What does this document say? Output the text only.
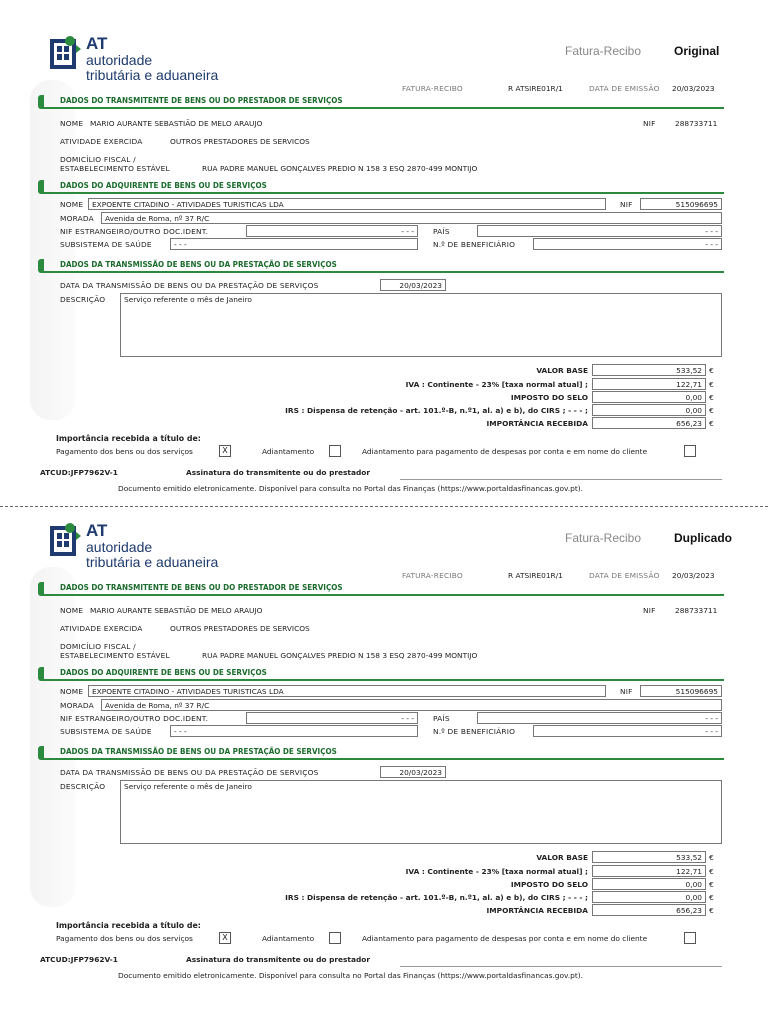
AT
autoridade
tributária e aduaneira
Fatura-Recibo	Original
FATURA-RECIBO	R ATSIRE01R/1	DATA DE EMISSÃO 20/03/2023
DADOS DO TRANSMITENTE DE BENS OU DO PRESTADOR DE SERVIÇOS
NOME MARIO AURANTE SEBASTIÃO DE MELO ARAUJO	NIF	288733711
ATIVIDADE EXERCIDA	OUTROS PRESTADORES DE SERVICOS
DOMICÍLIO FISCAL /
ESTABELECIMENTO ESTÁVEL	RUA PADRE MANUEL GONÇALVES PREDIO N 158 3 ESQ 2870-499 MONTIJO
DADOS DO ADQUIRENTE DE BENS OU DE SERVIÇOS
NOME	EXPOENTE CITADINO - ATIVIDADES TURISTICAS LDA	NIF	515096695
MORADA	Avenida de Roma, nº 37 R/C
NIF ESTRANGEIRO/OUTRO DOC.IDENT.	- - -	PAÍS	- - -
SUBSISTEMA DE SAÚDE	- - -	N.º DE BENEFICIÁRIO	- - -
DADOS DA TRANSMISSÃO DE BENS OU DA PRESTAÇÃO DE SERVIÇOS
DATA DA TRANSMISSÃO DE BENS OU DA PRESTAÇÃO DE SERVIÇOS	20/03/2023
DESCRIÇÃO	Serviço referente o mês de Janeiro
VALOR BASE	533,52 €
IVA : Continente - 23% [taxa normal atual] ;	122,71 €
IMPOSTO DO SELO	0,00 €
IRS : Dispensa de retenção - art. 101.º-B, n.º1, al. a) e b), do CIRS ; - - - ;	0,00 €
IMPORTÂNCIA RECEBIDA	656,23 €
Importância recebida a título de:
Pagamento dos bens ou dos serviços	X	Adiantamento	Adiantamento para pagamento de despesas por conta e em nome do cliente
ATCUD:JFP7962V-1	Assinatura do transmitente ou do prestador
Documento emitido eletronicamente. Disponível para consulta no Portal das Finanças (https://www.portaldasfinancas.gov.pt).
AT
autoridade
tributária e aduaneira
Fatura-Recibo	Duplicado
FATURA-RECIBO	R ATSIRE01R/1	DATA DE EMISSÃO 20/03/2023
DADOS DO TRANSMITENTE DE BENS OU DO PRESTADOR DE SERVIÇOS
NOME MARIO AURANTE SEBASTIÃO DE MELO ARAUJO	NIF	288733711
ATIVIDADE EXERCIDA	OUTROS PRESTADORES DE SERVICOS
DOMICÍLIO FISCAL /
ESTABELECIMENTO ESTÁVEL	RUA PADRE MANUEL GONÇALVES PREDIO N 158 3 ESQ 2870-499 MONTIJO
DADOS DO ADQUIRENTE DE BENS OU DE SERVIÇOS
NOME	EXPOENTE CITADINO - ATIVIDADES TURISTICAS LDA	NIF	515096695
MORADA	Avenida de Roma, nº 37 R/C
NIF ESTRANGEIRO/OUTRO DOC.IDENT.	- - -	PAÍS	- - -
SUBSISTEMA DE SAÚDE	- - -	N.º DE BENEFICIÁRIO	- - -
DADOS DA TRANSMISSÃO DE BENS OU DA PRESTAÇÃO DE SERVIÇOS
DATA DA TRANSMISSÃO DE BENS OU DA PRESTAÇÃO DE SERVIÇOS	20/03/2023
DESCRIÇÃO	Serviço referente o mês de Janeiro
VALOR BASE	533,52 €
IVA : Continente - 23% [taxa normal atual] ;	122,71 €
IMPOSTO DO SELO	0,00 €
IRS : Dispensa de retenção - art. 101.º-B, n.º1, al. a) e b), do CIRS ; - - - ;	0,00 €
IMPORTÂNCIA RECEBIDA	656,23 €
Importância recebida a título de:
Pagamento dos bens ou dos serviços	X	Adiantamento	Adiantamento para pagamento de despesas por conta e em nome do cliente
ATCUD:JFP7962V-1	Assinatura do transmitente ou do prestador
Documento emitido eletronicamente. Disponível para consulta no Portal das Finanças (https://www.portaldasfinancas.gov.pt).
